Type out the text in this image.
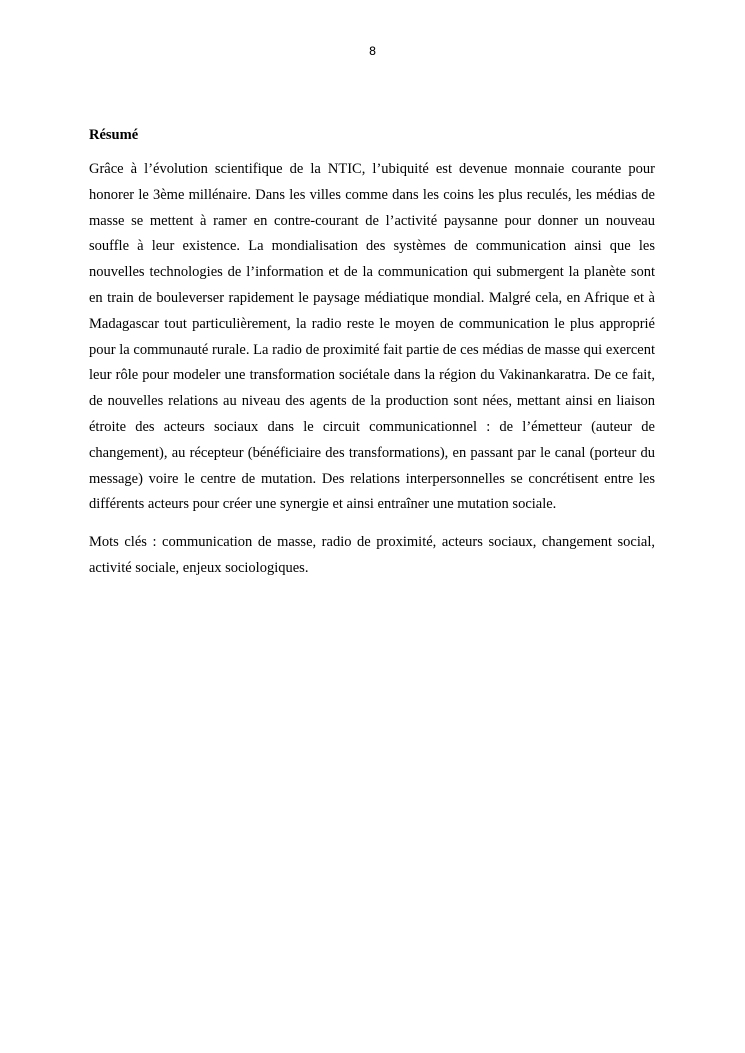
8
Résumé

Grâce à l’évolution scientifique de la NTIC, l’ubiquité est devenue monnaie courante pour honorer le 3ème millénaire. Dans les villes comme dans les coins les plus reculés, les médias de masse se mettent à ramer en contre-courant de l’activité paysanne pour donner un nouveau souffle à leur existence. La mondialisation des systèmes de communication ainsi que les nouvelles technologies de l’information et de la communication qui submergent la planète sont en train de bouleverser rapidement le paysage médiatique mondial. Malgré cela, en Afrique et à Madagascar tout particulièrement, la radio reste le moyen de communication le plus approprié pour la communauté rurale. La radio de proximité fait partie de ces médias de masse qui exercent leur rôle pour modeler une transformation sociétale dans la région du Vakinankaratra. De ce fait, de nouvelles relations au niveau des agents de la production sont nées, mettant ainsi en liaison étroite des acteurs sociaux dans le circuit communicationnel : de l’émetteur (auteur de changement), au récepteur (bénéficiaire des transformations), en passant par le canal (porteur du message) voire le centre de mutation. Des relations interpersonnelles se concrétisent entre les différents acteurs pour créer une synergie et ainsi entraîner une mutation sociale.

Mots clés : communication de masse, radio de proximité, acteurs sociaux, changement social, activité sociale, enjeux sociologiques.
